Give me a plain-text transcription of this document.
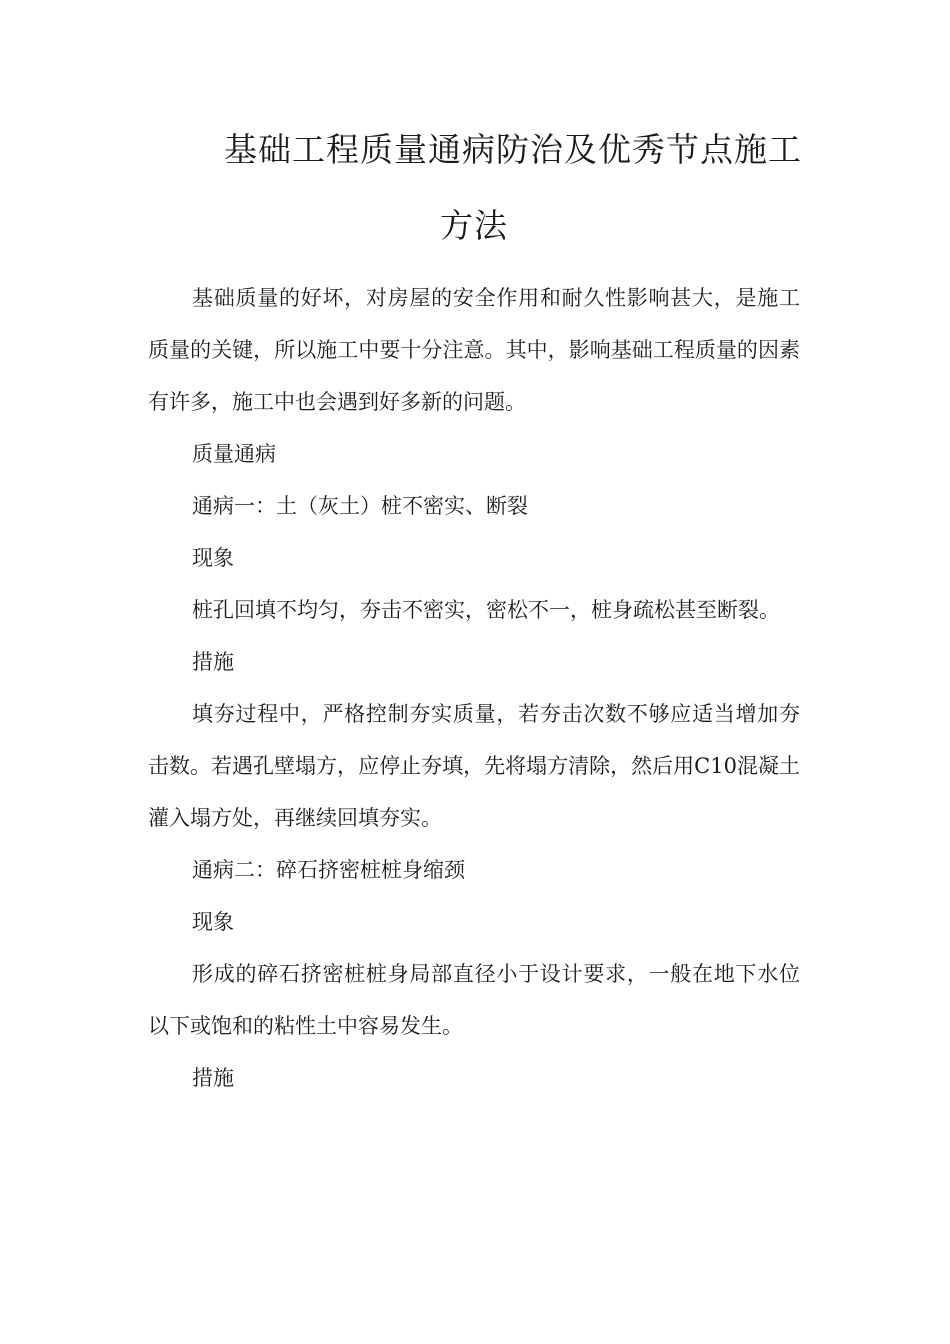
基础工程质量通病防治及优秀节点施工
方法

基础质量的好坏，对房屋的安全作用和耐久性影响甚大，是施工质量的关键，所以施工中要十分注意。其中，影响基础工程质量的因素有许多，施工中也会遇到好多新的问题。

质量通病

通病一：土（灰土）桩不密实、断裂

现象

桩孔回填不均匀，夯击不密实，密松不一，桩身疏松甚至断裂。

措施

填夯过程中，严格控制夯实质量，若夯击次数不够应适当增加夯击数。若遇孔壁塌方，应停止夯填，先将塌方清除，然后用C10混凝土灌入塌方处，再继续回填夯实。

通病二：碎石挤密桩桩身缩颈

现象

形成的碎石挤密桩桩身局部直径小于设计要求，一般在地下水位以下或饱和的粘性土中容易发生。

措施
